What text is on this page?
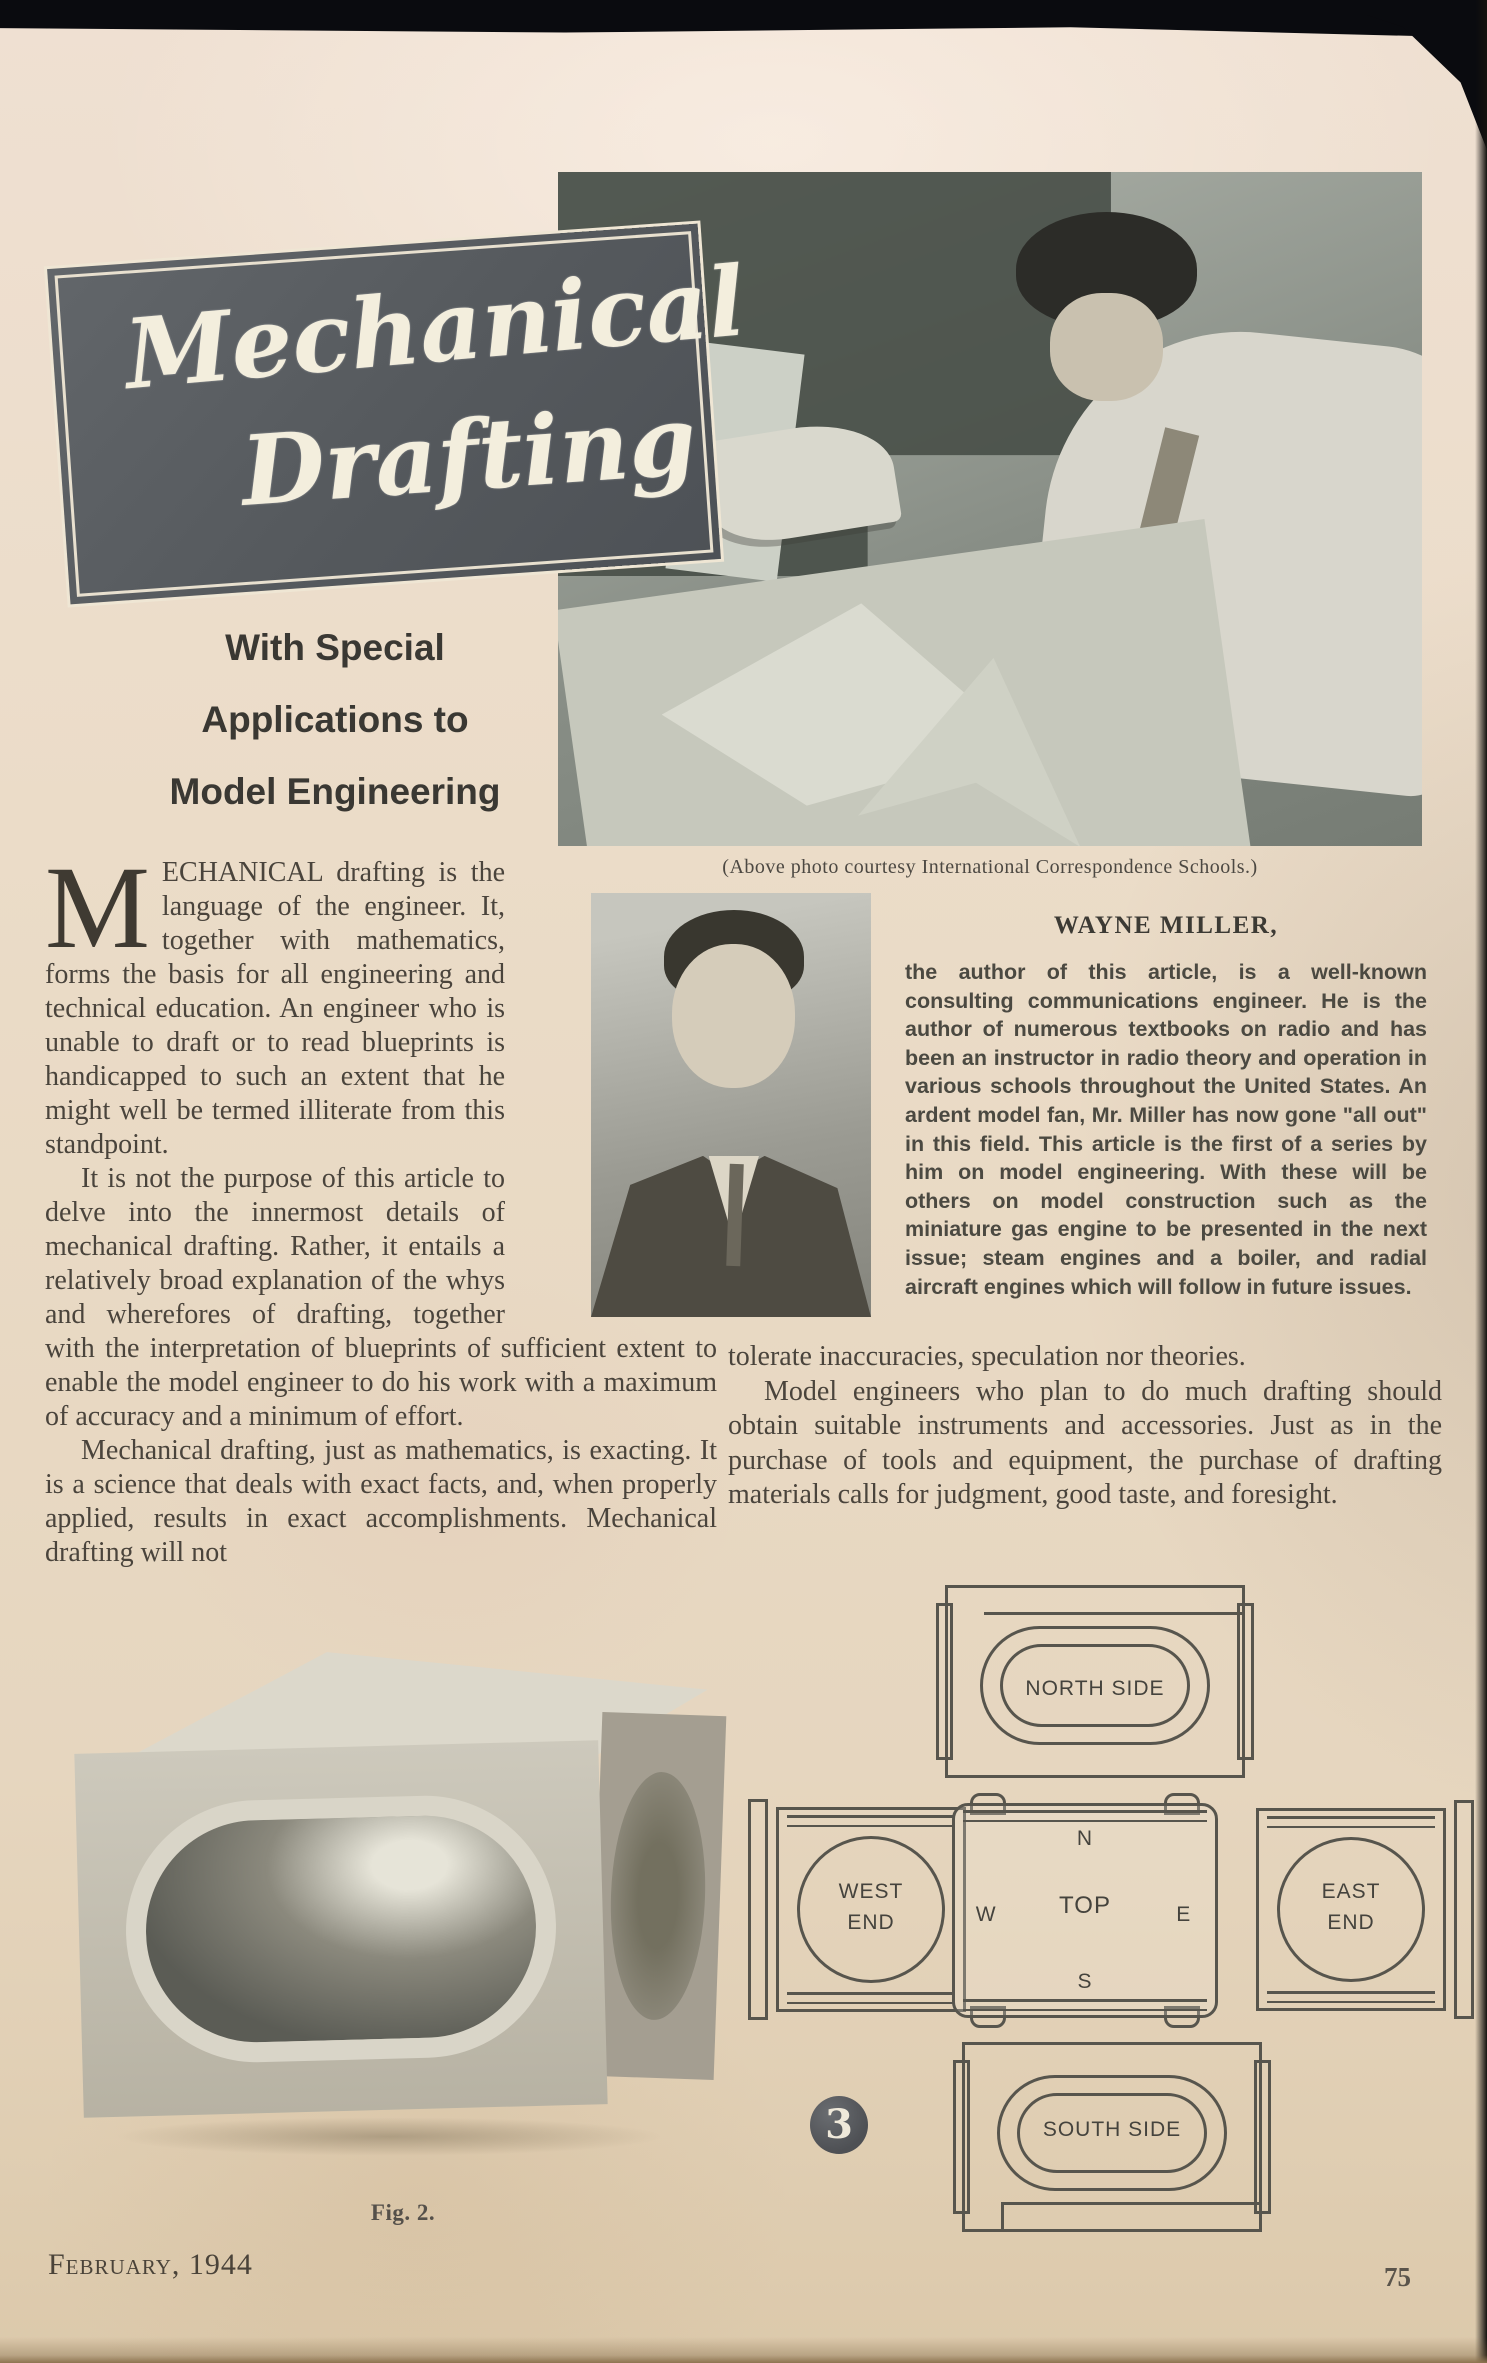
Mechanical
Drafting
With Special
Applications to
Model Engineering
(Above photo courtesy International Correspondence Schools.)

MECHANICAL drafting is the language of the engineer. It, together with mathematics, forms the basis for all engineering and technical education. An engineer who is unable to draft or to read blueprints is handicapped to such an extent that he might well be termed illiterate from this standpoint.

It is not the purpose of this article to delve into the innermost details of mechanical drafting. Rather, it entails a relatively broad explanation of the whys and wherefores of drafting, together with the interpretation of blueprints of sufficient extent to enable the model engineer to do his work with a maximum of accuracy and a minimum of effort.

Mechanical drafting, just as mathematics, is exacting. It is a science that deals with exact facts, and, when properly applied, results in exact accomplishments. Mechanical drafting will not

WAYNE MILLER,
the author of this article, is a well-known consulting communications engineer. He is the author of numerous textbooks on radio and has been an instructor in radio theory and operation in various schools throughout the United States. An ardent model fan, Mr. Miller has now gone "all out" in this field. This article is the first of a series by him on model engineering. With these will be others on model construction such as the miniature gas engine to be presented in the next issue; steam engines and a boiler, and radial aircraft engines which will follow in future issues.

tolerate inaccuracies, speculation nor theories.

Model engineers who plan to do much drafting should obtain suitable instruments and accessories. Just as in the purchase of tools and equipment, the purchase of drafting materials calls for judgment, good taste, and foresight.

Fig. 2.
NORTH SIDE
WEST
END
N
W	TOP	E
S
EAST
END
SOUTH SIDE
3
February, 1944	75
